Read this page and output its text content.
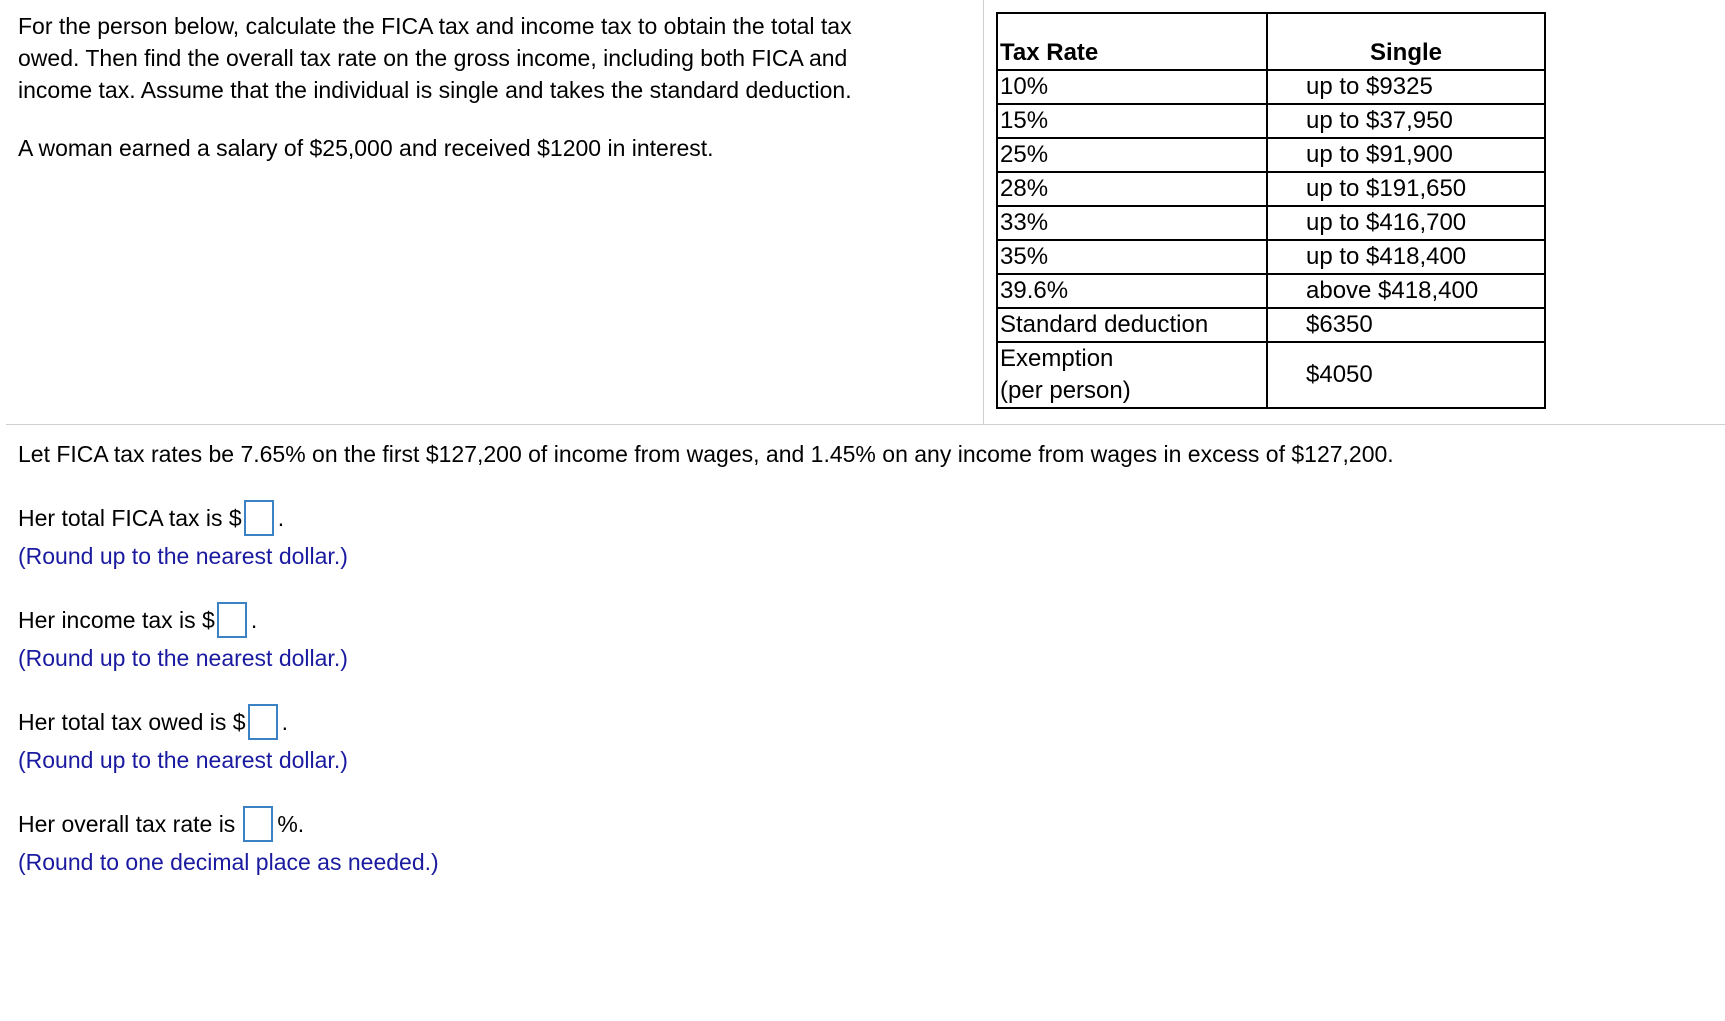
For the person below, calculate the FICA tax and income tax to obtain the total tax

owed. Then find the overall tax rate on the gross income, including both FICA and

income tax. Assume that the individual is single and takes the standard deduction.

A woman earned a salary of $25,000 and received $1200 in interest.

Tax Rate	Single
10%	up to $9325
15%	up to $37,950
25%	up to $91,900
28%	up to $191,650
33%	up to $416,700
35%	up to $418,400
39.6%	above $418,400
Standard deduction	$6350

Exemption
(per person)	$4050

Let FICA tax rates be 7.65% on the first $127,200 of income from wages, and 1.45% on any income from wages in excess of $127,200.

Her total FICA tax is $ .

(Round up to the nearest dollar.)

Her income tax is $ .

(Round up to the nearest dollar.)

Her total tax owed is $ .

(Round up to the nearest dollar.)

Her overall tax rate is %.

(Round to one decimal place as needed.)
